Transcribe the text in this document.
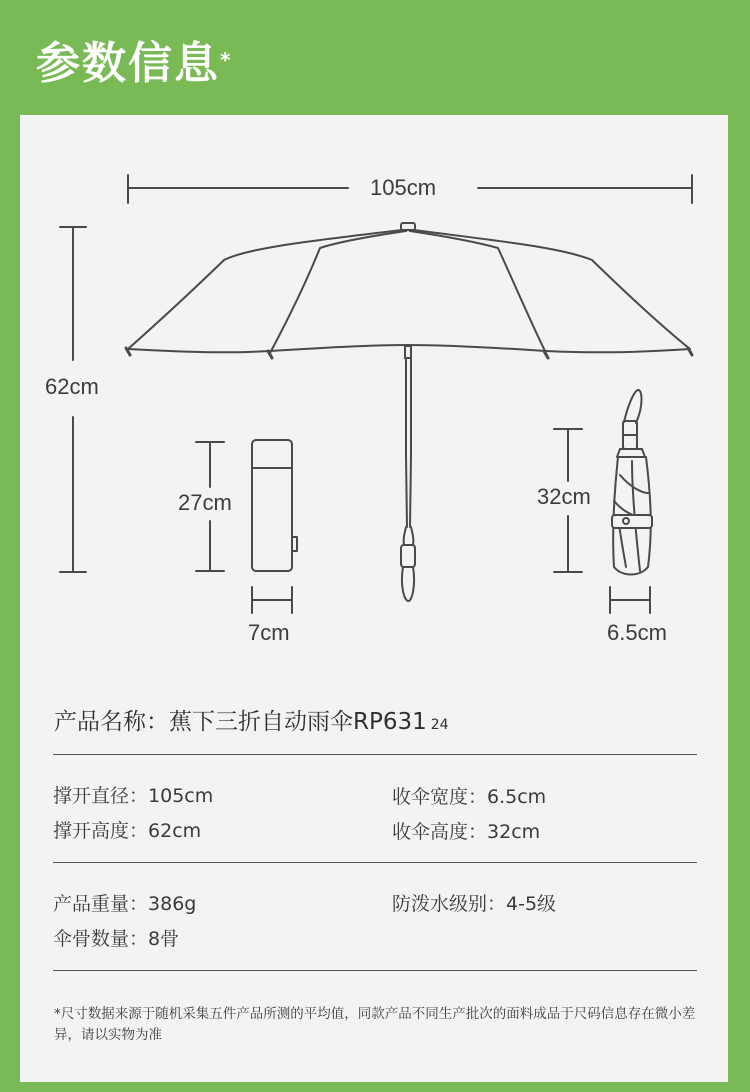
参数信息*
105cm
62cm
27cm
7cm
32cm
6.5cm
产品名称：蕉下三折自动雨伞RP631 24
撑开直径：105cm	收伞宽度：6.5cm
撑开高度：62cm	收伞高度：32cm
产品重量：386g	防泼水级别：4-5级
伞骨数量：8骨
*尺寸数据来源于随机采集五件产品所测的平均值，同款产品不同生产批次的面料成品于尺码信息存在微小差异，请以实物为准
